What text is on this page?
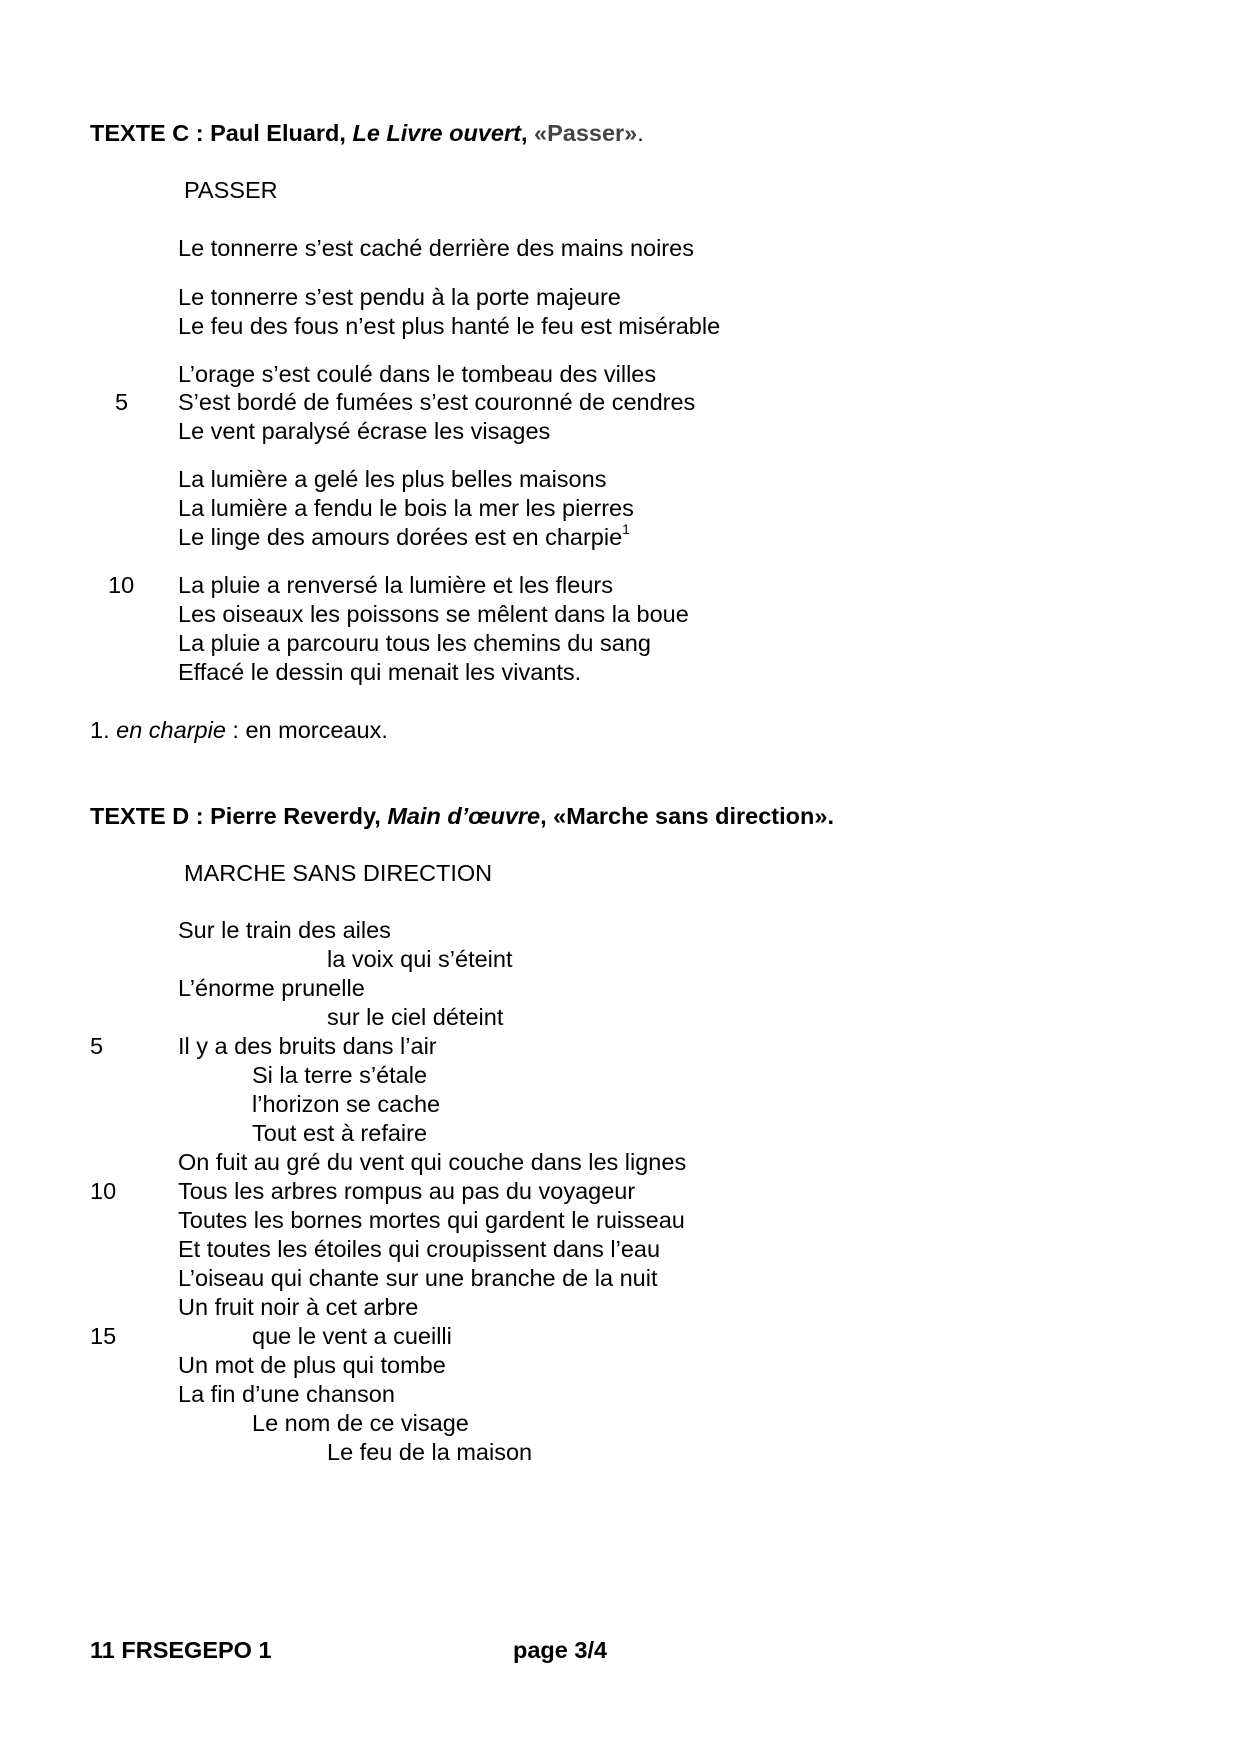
TEXTE C : Paul Eluard, Le Livre ouvert, «Passer».
PASSER
Le tonnerre s’est caché derrière des mains noires
Le tonnerre s’est pendu à la porte majeure
Le feu des fous n’est plus hanté le feu est misérable
L’orage s’est coulé dans le tombeau des villes
5 S’est bordé de fumées s’est couronné de cendres
Le vent paralysé écrase les visages
La lumière a gelé les plus belles maisons
La lumière a fendu le bois la mer les pierres
Le linge des amours dorées est en charpie$^1$
10 La pluie a renversé la lumière et les fleurs
Les oiseaux les poissons se mêlent dans la boue
La pluie a parcouru tous les chemins du sang
Effacé le dessin qui menait les vivants.
1. en charpie : en morceaux.
TEXTE D : Pierre Reverdy, Main d’œuvre, «Marche sans direction».
MARCHE SANS DIRECTION
Sur le train des ailes
la voix qui s’éteint
L’énorme prunelle
sur le ciel déteint
5	Il y a des bruits dans l’air
Si la terre s’étale
l’horizon se cache
Tout est à refaire
On fuit au gré du vent qui couche dans les lignes
10	Tous les arbres rompus au pas du voyageur
Toutes les bornes mortes qui gardent le ruisseau
Et toutes les étoiles qui croupissent dans l’eau
L’oiseau qui chante sur une branche de la nuit
Un fruit noir à cet arbre
15	que le vent a cueilli
Un mot de plus qui tombe
La fin d’une chanson
Le nom de ce visage
Le feu de la maison
11 FRSEGEPO 1	page 3/4
